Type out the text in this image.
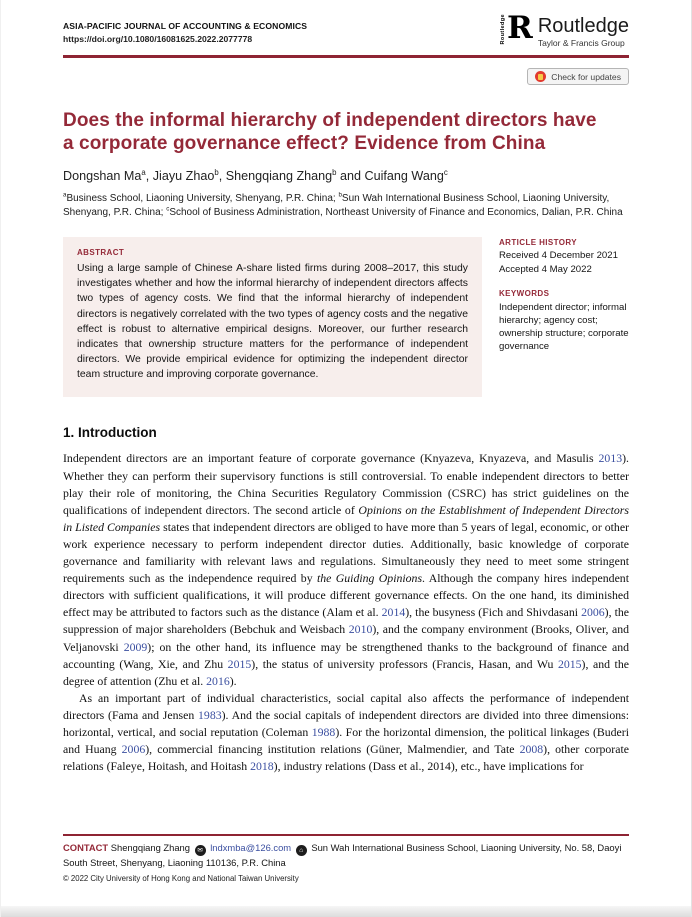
ASIA-PACIFIC JOURNAL OF ACCOUNTING & ECONOMICS
https://doi.org/10.1080/16081625.2022.2077778	Routledge R Routledge
Taylor & Francis Group
Check for updates
Does the informal hierarchy of independent directors have
a corporate governance effect? Evidence from China
Dongshan Ma$^a$, Jiayu Zhao$^b$, Shengqiang Zhang$^b$ and Cuifang Wang$^c$
$^a$Business School, Liaoning University, Shenyang, P.R. China; $^b$Sun Wah International Business School, Liaoning University, Shenyang, P.R. China; $^c$School of Business Administration, Northeast University of Finance and Economics, Dalian, P.R. China
ABSTRACT
Using a large sample of Chinese A-share listed firms during 2008–2017, this study investigates whether and how the informal hierarchy of independent directors affects two types of agency costs. We find that the informal hierarchy of independent directors is negatively correlated with the two types of agency costs and the negative effect is robust to alternative empirical designs. Moreover, our further research indicates that ownership structure matters for the performance of independent directors. We provide empirical evidence for optimizing the independent director team structure and improving corporate governance.
ARTICLE HISTORY
Received 4 December 2021
Accepted 4 May 2022
KEYWORDS
Independent director; informal hierarchy; agency cost; ownership structure; corporate governance
1. Introduction

Independent directors are an important feature of corporate governance (Knyazeva, Knyazeva, and Masulis 2013). Whether they can perform their supervisory functions is still controversial. To enable independent directors to better play their role of monitoring, the China Securities Regulatory Commission (CSRC) has strict guidelines on the qualifications of independent directors. The second article of Opinions on the Establishment of Independent Directors in Listed Companies states that independent directors are obliged to have more than 5 years of legal, economic, or other work experience necessary to perform independent director duties. Additionally, basic knowledge of corporate governance and familiarity with relevant laws and regulations. Simultaneously they need to meet some stringent requirements such as the independence required by the Guiding Opinions. Although the company hires independent directors with sufficient qualifications, it will produce different governance effects. On the one hand, its diminished effect may be attributed to factors such as the distance (Alam et al. 2014), the busyness (Fich and Shivdasani 2006), the suppression of major shareholders (Bebchuk and Weisbach 2010), and the company environment (Brooks, Oliver, and Veljanovski 2009); on the other hand, its influence may be strengthened thanks to the background of finance and accounting (Wang, Xie, and Zhu 2015), the status of university professors (Francis, Hasan, and Wu 2015), and the degree of attention (Zhu et al. 2016).

As an important part of individual characteristics, social capital also affects the performance of independent directors (Fama and Jensen 1983). And the social capitals of independent directors are divided into three dimensions: horizontal, vertical, and social reputation (Coleman 1988). For the horizontal dimension, the political linkages (Buderi and Huang 2006), commercial financing institution relations (Güner, Malmendier, and Tate 2008), other corporate relations (Faleye, Hoitash, and Hoitash 2018), industry relations (Dass et al., 2014), etc., have implications for

CONTACT Shengqiang Zhang ✉ lndxmba@126.com ⌂ Sun Wah International Business School, Liaoning University, No. 58, Daoyi South Street, Shenyang, Liaoning 110136, P.R. China
© 2022 City University of Hong Kong and National Taiwan University
